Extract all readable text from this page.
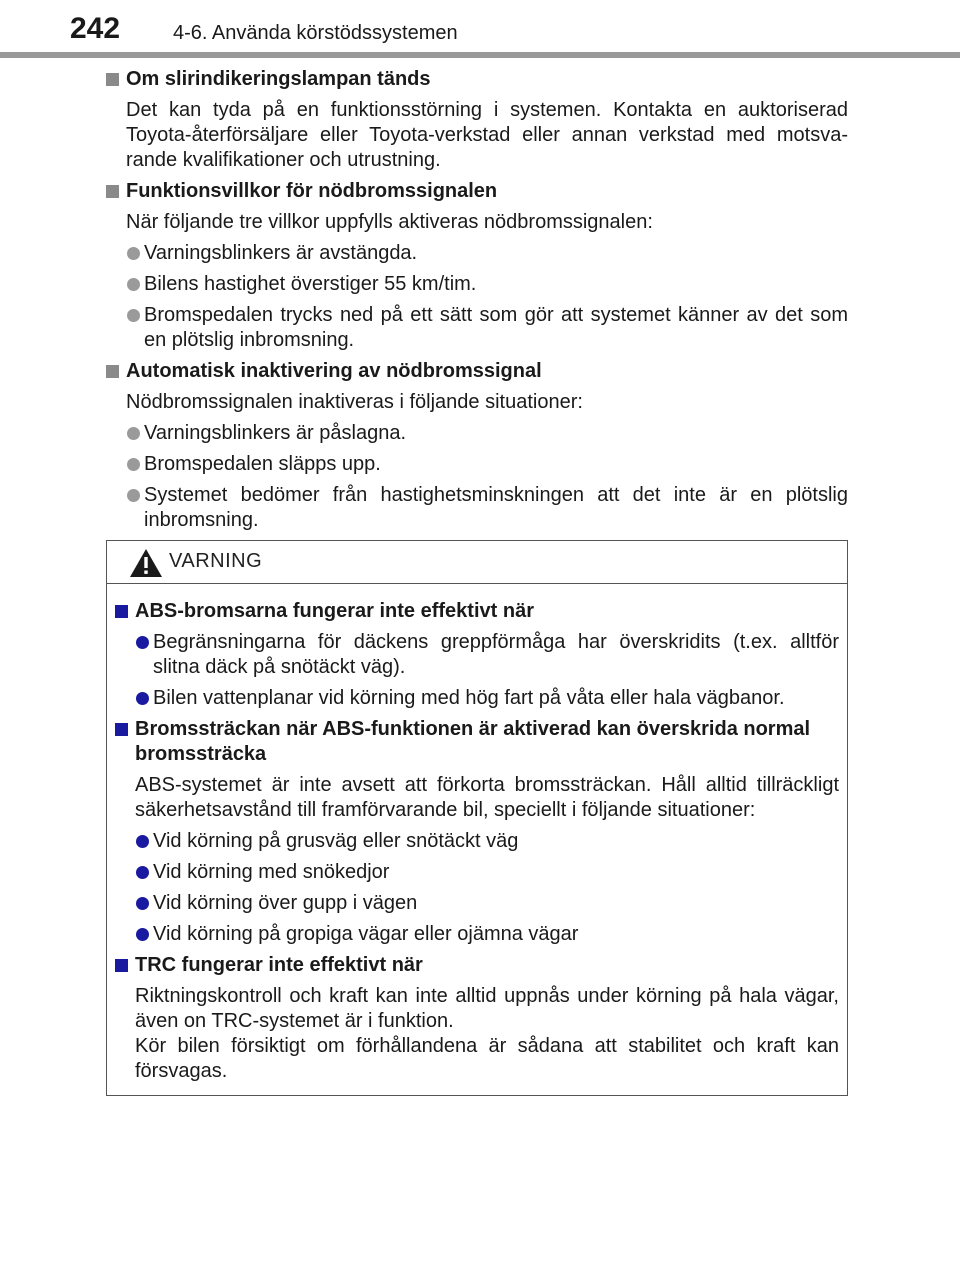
242	4-6. Använda körstödssystemen
Om slirindikeringslampan tänds
Det kan tyda på en funktionsstörning i systemen. Kontakta en auktoriserad Toyota-återförsäljare eller Toyota-verkstad eller annan verkstad med motsva-rande kvalifikationer och utrustning.
Funktionsvillkor för nödbromssignalen
När följande tre villkor uppfylls aktiveras nödbromssignalen:
Varningsblinkers är avstängda.
Bilens hastighet överstiger 55 km/tim.
Bromspedalen trycks ned på ett sätt som gör att systemet känner av det som en plötslig inbromsning.
Automatisk inaktivering av nödbromssignal
Nödbromssignalen inaktiveras i följande situationer:
Varningsblinkers är påslagna.
Bromspedalen släpps upp.
Systemet bedömer från hastighetsminskningen att det inte är en plötslig inbromsning.
VARNING
ABS-bromsarna fungerar inte effektivt när
Begränsningarna för däckens greppförmåga har överskridits (t.ex. alltför slitna däck på snötäckt väg).
Bilen vattenplanar vid körning med hög fart på våta eller hala vägbanor.
Bromssträckan när ABS-funktionen är aktiverad kan överskrida normal bromssträcka
ABS-systemet är inte avsett att förkorta bromssträckan. Håll alltid tillräckligt säkerhetsavstånd till framförvarande bil, speciellt i följande situationer:
Vid körning på grusväg eller snötäckt väg
Vid körning med snökedjor
Vid körning över gupp i vägen
Vid körning på gropiga vägar eller ojämna vägar
TRC fungerar inte effektivt när
Riktningskontroll och kraft kan inte alltid uppnås under körning på hala vägar, även on TRC-systemet är i funktion.
Kör bilen försiktigt om förhållandena är sådana att stabilitet och kraft kan försvagas.
